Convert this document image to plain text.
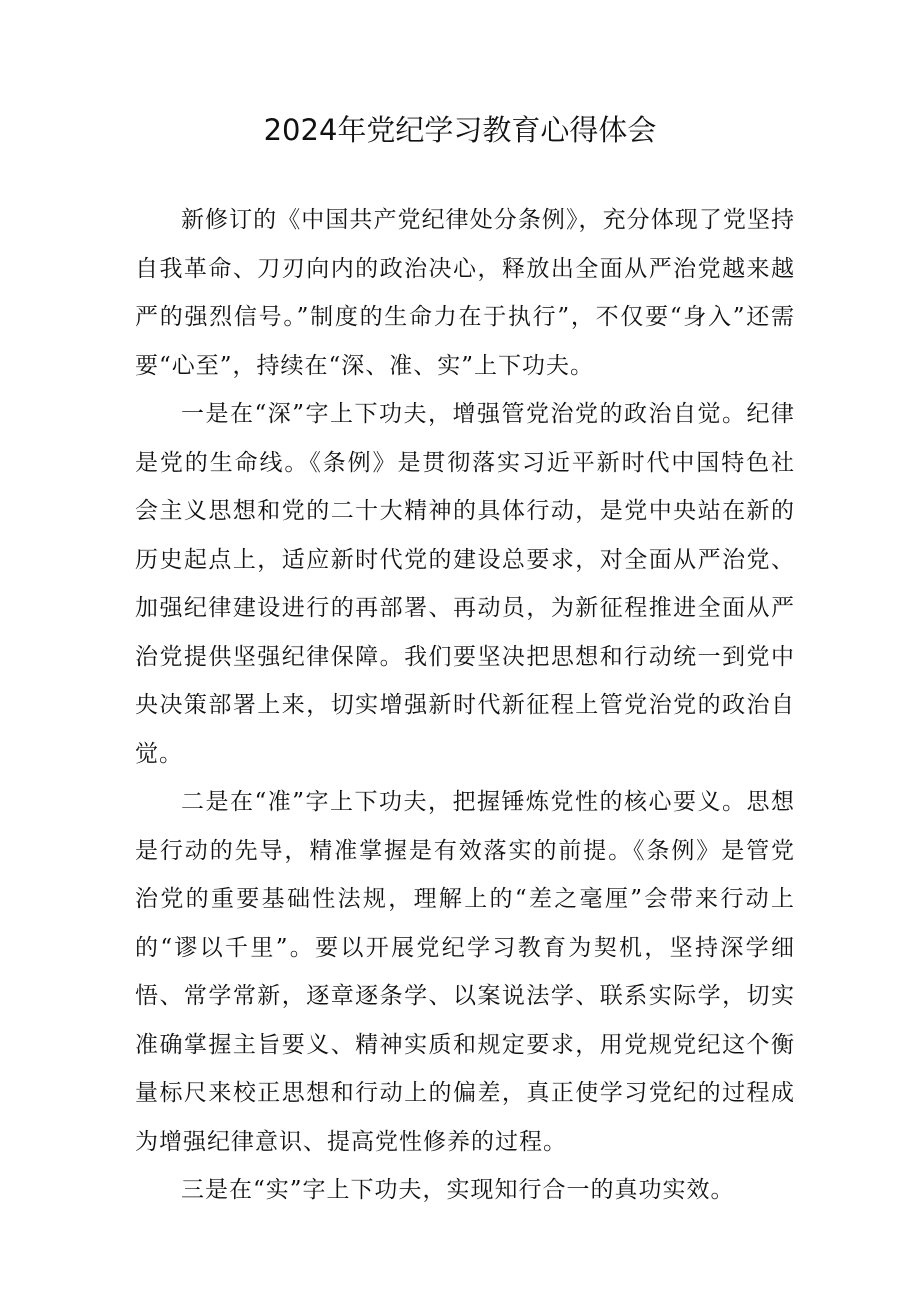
2024年党纪学习教育心得体会

新修订的《中国共产党纪律处分条例》，充分体现了党坚持自我革命、刀刃向内的政治决心，释放出全面从严治党越来越严的强烈信号。”制度的生命力在于执行”，不仅要“身入”还需要“心至”，持续在“深、准、实”上下功夫。

一是在“深”字上下功夫，增强管党治党的政治自觉。纪律是党的生命线。《条例》是贯彻落实习近平新时代中国特色社会主义思想和党的二十大精神的具体行动，是党中央站在新的历史起点上，适应新时代党的建设总要求，对全面从严治党、加强纪律建设进行的再部署、再动员，为新征程推进全面从严治党提供坚强纪律保障。我们要坚决把思想和行动统一到党中央决策部署上来，切实增强新时代新征程上管党治党的政治自觉。

二是在“准”字上下功夫，把握锤炼党性的核心要义。思想是行动的先导，精准掌握是有效落实的前提。《条例》是管党治党的重要基础性法规，理解上的“差之毫厘”会带来行动上的“谬以千里”。要以开展党纪学习教育为契机，坚持深学细悟、常学常新，逐章逐条学、以案说法学、联系实际学，切实准确掌握主旨要义、精神实质和规定要求，用党规党纪这个衡量标尺来校正思想和行动上的偏差，真正使学习党纪的过程成为增强纪律意识、提高党性修养的过程。

三是在“实”字上下功夫，实现知行合一的真功实效。
